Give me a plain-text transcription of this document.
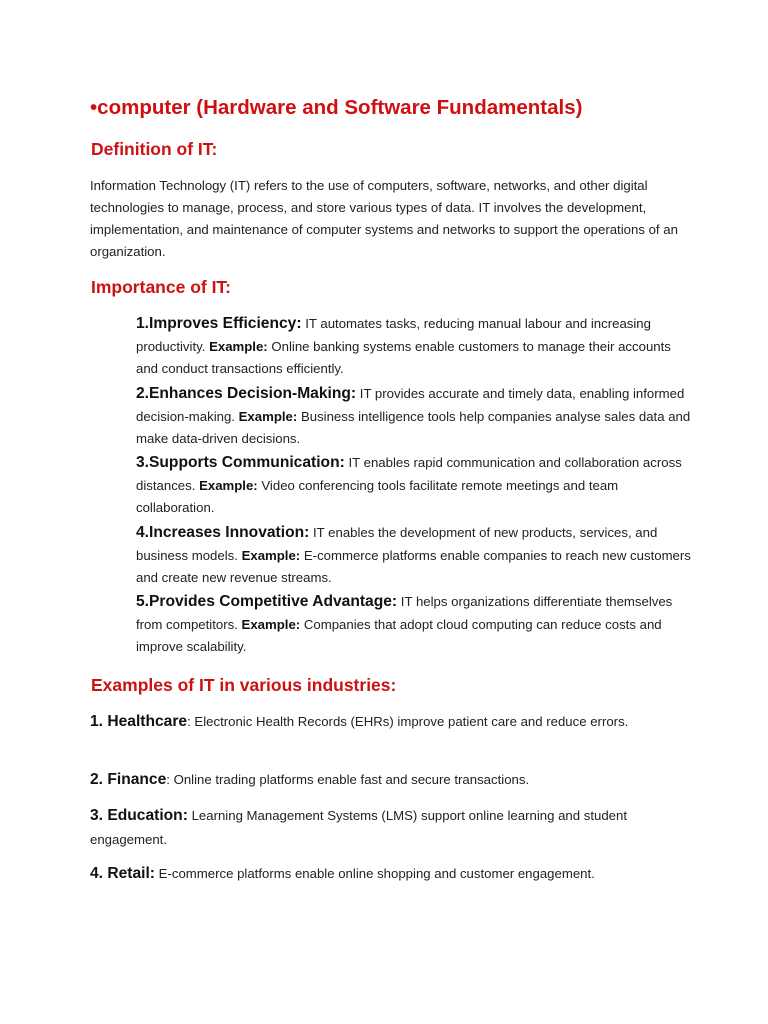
•computer (Hardware and Software Fundamentals)
Definition of IT:

Information Technology (IT) refers to the use of computers, software, networks, and other digital technologies to manage, process, and store various types of data. IT involves the development, implementation, and maintenance of computer systems and networks to support the operations of an organization.

Importance of IT:

1.Improves Efficiency: IT automates tasks, reducing manual labour and increasing productivity. Example: Online banking systems enable customers to manage their accounts and conduct transactions efficiently.

2.Enhances Decision-Making: IT provides accurate and timely data, enabling informed decision-making. Example: Business intelligence tools help companies analyse sales data and make data-driven decisions.

3.Supports Communication: IT enables rapid communication and collaboration across distances. Example: Video conferencing tools facilitate remote meetings and team collaboration.

4.Increases Innovation: IT enables the development of new products, services, and business models. Example: E-commerce platforms enable companies to reach new customers and create new revenue streams.

5.Provides Competitive Advantage: IT helps organizations differentiate themselves from competitors. Example: Companies that adopt cloud computing can reduce costs and improve scalability.

Examples of IT in various industries:

1. Healthcare: Electronic Health Records (EHRs) improve patient care and reduce errors.

2. Finance: Online trading platforms enable fast and secure transactions.

3. Education: Learning Management Systems (LMS) support online learning and student engagement.

4. Retail: E-commerce platforms enable online shopping and customer engagement.
